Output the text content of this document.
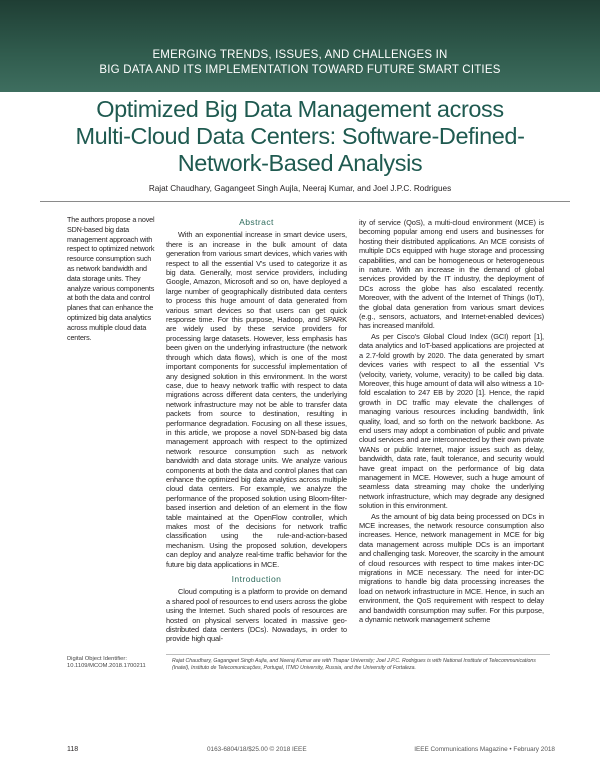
EMERGING TRENDS, ISSUES, AND CHALLENGES IN
BIG DATA AND ITS IMPLEMENTATION TOWARD FUTURE SMART CITIES
Optimized Big Data Management across
Multi-Cloud Data Centers: Software-Defined-
Network-Based Analysis
Rajat Chaudhary, Gagangeet Singh Aujla, Neeraj Kumar, and Joel J.P.C. Rodrigues
The authors propose a novel SDN-based big data management approach with respect to optimized network resource consumption such as network bandwidth and data storage units. They analyze various components at both the data and control planes that can enhance the optimized big data analytics across multiple cloud data centers.
Abstract

With an exponential increase in smart device users, there is an increase in the bulk amount of data generation from various smart devices, which varies with respect to all the essential V's used to categorize it as big data. Generally, most service providers, including Google, Amazon, Microsoft and so on, have deployed a large number of geographically distributed data centers to process this huge amount of data generated from various smart devices so that users can get quick response time. For this purpose, Hadoop, and SPARK are widely used by these service providers for processing large datasets. However, less emphasis has been given on the underlying infrastructure (the network through which data flows), which is one of the most important components for successful implementation of any designed solution in this environment. In the worst case, due to heavy network traffic with respect to data migrations across different data centers, the underlying network infrastructure may not be able to transfer data packets from source to destination, resulting in performance degradation. Focusing on all these issues, in this article, we propose a novel SDN-based big data management approach with respect to the optimized network resource consumption such as network bandwidth and data storage units. We analyze various components at both the data and control planes that can enhance the optimized big data analytics across multiple cloud data centers. For example, we analyze the performance of the proposed solution using Bloom-filter-based insertion and deletion of an element in the flow table maintained at the OpenFlow controller, which makes most of the decisions for network traffic classification using the rule-and-action-based mechanism. Using the proposed solution, developers can deploy and analyze real-time traffic behavior for the future big data applications in MCE.

Introduction

Cloud computing is a platform to provide on demand a shared pool of resources to end users across the globe using the Internet. Such shared pools of resources are hosted on physical servers located in massive geo-distributed data centers (DCs). Nowadays, in order to provide high qual-

ity of service (QoS), a multi-cloud environment (MCE) is becoming popular among end users and businesses for hosting their distributed applications. An MCE consists of multiple DCs equipped with huge storage and processing capabilities, and can be homogeneous or heterogeneous in nature. With an increase in the demand of global services provided by the IT industry, the deployment of DCs across the globe has also escalated recently. Moreover, with the advent of the Internet of Things (IoT), the global data generation from various smart devices (e.g., sensors, actuators, and Internet-enabled devices) has increased manifold.

As per Cisco's Global Cloud Index (GCI) report [1], data analytics and IoT-based applications are projected at a 2.7-fold growth by 2020. The data generated by smart devices varies with respect to all the essential V's (velocity, variety, volume, veracity) to be called big data. Moreover, this huge amount of data will also witness a 10-fold escalation to 247 EB by 2020 [1]. Hence, the rapid growth in DC traffic may elevate the challenges of managing various resources including bandwidth, link quality, load, and so forth on the network backbone. As end users may adopt a combination of public and private cloud services and are interconnected by their own private WANs or public Internet, major issues such as delay, bandwidth, data rate, fault tolerance, and security would have great impact on the performance of big data management in MCE. However, such a huge amount of seamless data streaming may choke the underlying network infrastructure, which may degrade any designed solution in this environment.

As the amount of big data being processed on DCs in MCE increases, the network resource consumption also increases. Hence, network management in MCE for big data management across multiple DCs is an important and challenging task. Moreover, the scarcity in the amount of cloud resources with respect to time makes inter-DC migrations in MCE necessary. The need for inter-DC migrations to handle big data processing increases the load on network infrastructure in MCE. Hence, in such an environment, the QoS requirement with respect to delay and bandwidth consumption may suffer. For this purpose, a dynamic network management scheme

Digital Object Identifier:
10.1109/MCOM.2018.1700211
Rajat Chaudhary, Gagangeet Singh Aujla, and Neeraj Kumar are with Thapar University; Joel J.P.C. Rodrigues is with National Institute of Telecommunications (Inatel), Instituto de Telecomunicações, Portugal, ITMO University, Russia, and the University of Fortaleza.
118	0163-6804/18/$25.00 © 2018 IEEE	IEEE Communications Magazine • February 2018
